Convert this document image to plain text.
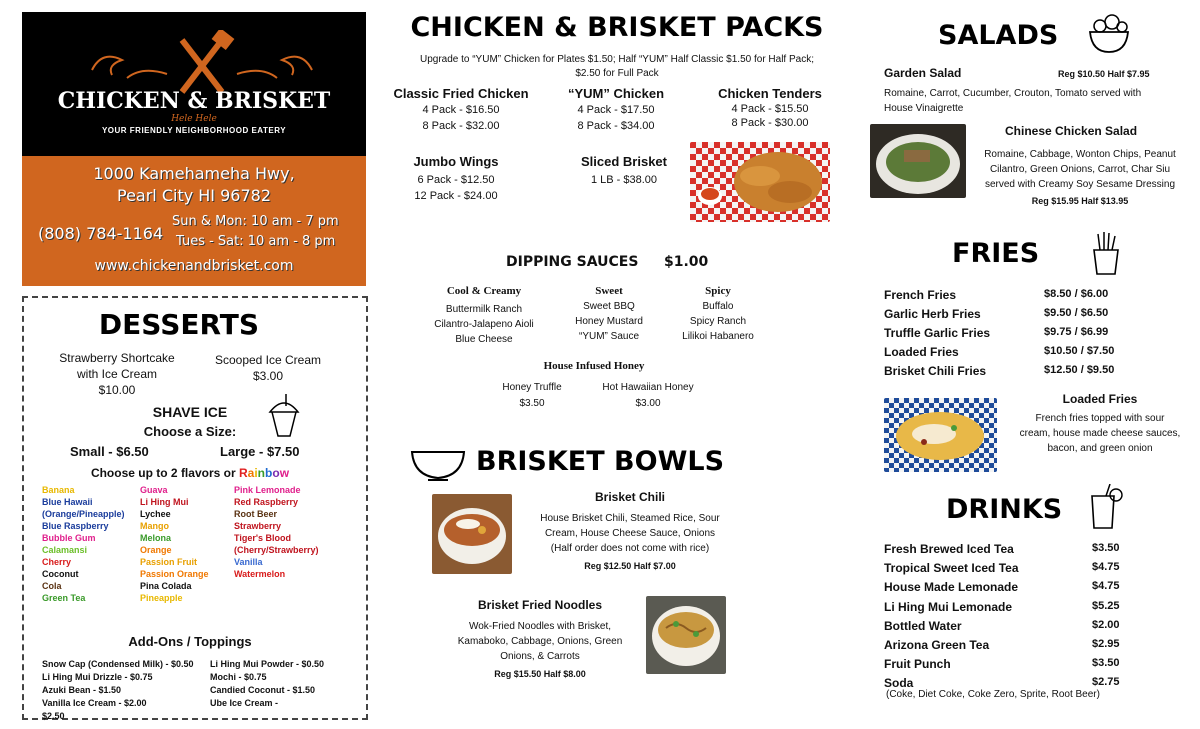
CHICKEN & BRISKET
Hele Hele
YOUR FRIENDLY NEIGHBORHOOD EATERY
1000 Kamehameha Hwy,
Pearl City HI 96782
(808) 784-1164
Sun & Mon: 10 am - 7 pm
Tues - Sat: 10 am - 8 pm
www.chickenandbrisket.com
DESSERTS
Strawberry Shortcake
with Ice Cream
$10.00
Scooped Ice Cream
$3.00
SHAVE ICE
Choose a Size:
Small - $6.50	Large - $7.50
Choose up to 2 flavors or Rainbow
Banana
Blue Hawaii
(Orange/Pineapple)
Blue Raspberry
Bubble Gum
Calamansi
Cherry
Coconut
Cola
Green Tea
Guava
Li Hing Mui
Lychee
Mango
Melona
Orange
Passion Fruit
Passion Orange
Pina Colada
Pineapple
Pink Lemonade
Red Raspberry
Root Beer
Strawberry
Tiger's Blood
(Cherry/Strawberry)
Vanilla
Watermelon
Add-Ons / Toppings
Snow Cap (Condensed Milk) - $0.50
Li Hing Mui Drizzle - $0.75
Azuki Bean - $1.50
Vanilla Ice Cream - $2.00
$2.50
Li Hing Mui Powder - $0.50
Mochi - $0.75
Candied Coconut - $1.50
Ube Ice Cream -
CHICKEN & BRISKET PACKS
Upgrade to “YUM” Chicken for Plates $1.50; Half “YUM” Half Classic $1.50 for Half Pack;
$2.50 for Full Pack
Classic Fried Chicken
4 Pack - $16.50
8 Pack - $32.00
“YUM” Chicken
4 Pack - $17.50
8 Pack - $34.00
Chicken Tenders
4 Pack - $15.50
8 Pack - $30.00
Jumbo Wings
6 Pack - $12.50
12 Pack - $24.00
Sliced Brisket
1 LB - $38.00
DIPPING SAUCES $1.00
Cool & Creamy
Buttermilk Ranch
Cilantro-Jalapeno Aioli
Blue Cheese
Sweet
Sweet BBQ
Honey Mustard
“YUM” Sauce
Spicy
Buffalo
Spicy Ranch
Lilikoi Habanero
House Infused Honey
Honey Truffle
$3.50
Hot Hawaiian Honey
$3.00
BRISKET BOWLS
Brisket Chili
House Brisket Chili, Steamed Rice, Sour
Cream, House Cheese Sauce, Onions
(Half order does not come with rice)
Reg $12.50 Half $7.00
Brisket Fried Noodles
Wok-Fried Noodles with Brisket,
Kamaboko, Cabbage, Onions, Green
Onions, & Carrots
Reg $15.50 Half $8.00
SALADS
Garden Salad	Reg $10.50 Half $7.95
Romaine, Carrot, Cucumber, Crouton, Tomato served with
House Vinaigrette
Chinese Chicken Salad
Romaine, Cabbage, Wonton Chips, Peanut
Cilantro, Green Onions, Carrot, Char Siu
served with Creamy Soy Sesame Dressing
Reg $15.95 Half $13.95
FRIES
French Fries	$8.50 / $6.00
Garlic Herb Fries	$9.50 / $6.50
Truffle Garlic Fries	$9.75 / $6.99
Loaded Fries	$10.50 / $7.50
Brisket Chili Fries	$12.50 / $9.50
Loaded Fries
French fries topped with sour
cream, house made cheese sauces,
bacon, and green onion
DRINKS
Fresh Brewed Iced Tea	$3.50
Tropical Sweet Iced Tea	$4.75
House Made Lemonade	$4.75
Li Hing Mui Lemonade	$5.25
Bottled Water	$2.00
Arizona Green Tea	$2.95
Fruit Punch	$3.50
Soda	$2.75
(Coke, Diet Coke, Coke Zero, Sprite, Root Beer)
